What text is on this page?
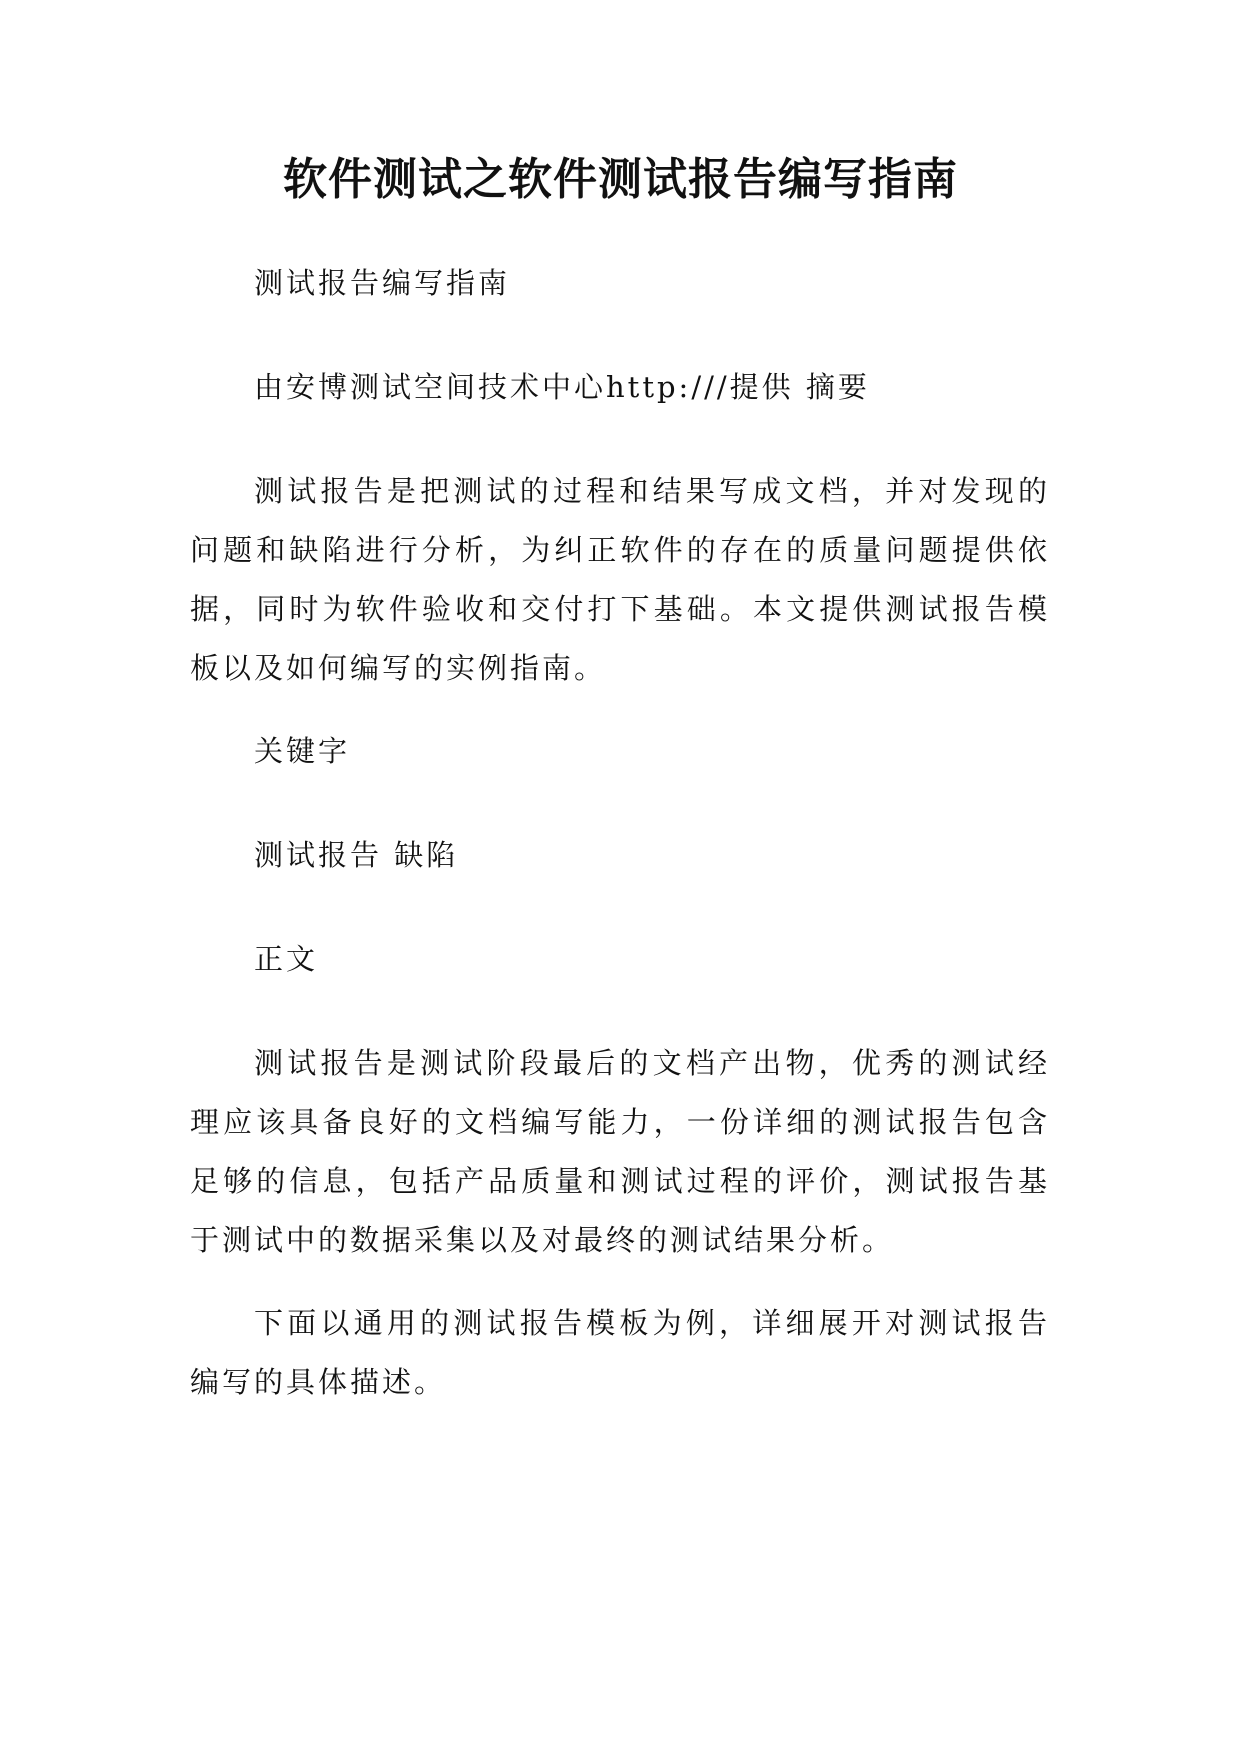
软件测试之软件测试报告编写指南

测试报告编写指南

由安博测试空间技术中心http:///提供 摘要

测试报告是把测试的过程和结果写成文档，并对发现的问题和缺陷进行分析，为纠正软件的存在的质量问题提供依据，同时为软件验收和交付打下基础。本文提供测试报告模板以及如何编写的实例指南。

关键字

测试报告 缺陷

正文

测试报告是测试阶段最后的文档产出物，优秀的测试经理应该具备良好的文档编写能力，一份详细的测试报告包含足够的信息，包括产品质量和测试过程的评价，测试报告基于测试中的数据采集以及对最终的测试结果分析。

下面以通用的测试报告模板为例，详细展开对测试报告编写的具体描述。
